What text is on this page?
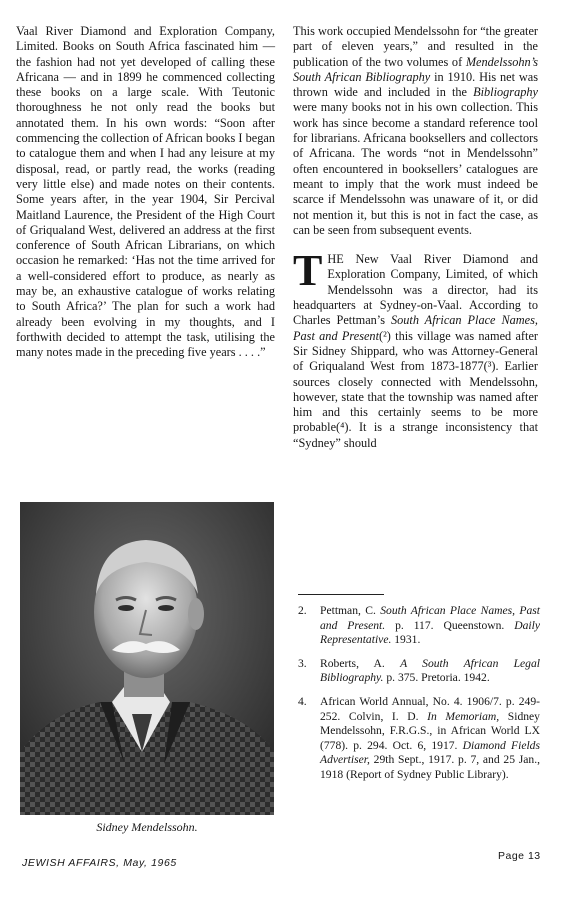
Vaal River Diamond and Exploration Company, Limited. Books on South Africa fascinated him — the fashion had not yet developed of calling these Africana — and in 1899 he commenced collecting these books on a large scale. With Teutonic thoroughness he not only read the books but annotated them. In his own words: “Soon after commencing the collection of African books I began to catalogue them and when I had any leisure at my disposal, read, or partly read, the works (reading very little else) and made notes on their contents. Some years after, in the year 1904, Sir Percival Maitland Laurence, the President of the High Court of Griqualand West, delivered an address at the first conference of South African Librarians, on which occasion he remarked: ‘Has not the time arrived for a well-considered effort to produce, as nearly as may be, an exhaustive catalogue of works relating to South Africa?’ The plan for such a work had already been evolving in my thoughts, and I forthwith decided to attempt the task, utilising the many notes made in the preceding five years . . . .”

Sidney Mendelssohn.

This work occupied Mendelssohn for “the greater part of eleven years,” and resulted in the publication of the two volumes of Mendelssohn’s South African Bibliography in 1910. His net was thrown wide and included in the Bibliography were many books not in his own collection. This work has since become a standard reference tool for librarians. Africana booksellers and collectors of Africana. The words “not in Mendelssohn” often encountered in booksellers’ catalogues are meant to imply that the work must indeed be scarce if Mendelssohn was unaware of it, or did not mention it, but this is not in fact the case, as can be seen from subsequent events.

THE New Vaal River Diamond and Exploration Company, Limited, of which Mendelssohn was a director, had its headquarters at Sydney-on-Vaal. According to Charles Pettman’s South African Place Names, Past and Present(²) this village was named after Sir Sidney Shippard, who was Attorney-General of Griqualand West from 1873-1877(³). Earlier sources closely connected with Mendelssohn, however, state that the township was named after him and this certainly seems to be more probable(⁴). It is a strange inconsistency that “Sydney” should

2.	Pettman, C. South African Place Names, Past and Present. p. 117. Queenstown. Daily Representative. 1931.
3.	Roberts, A. A South African Legal Bibliography. p. 375. Pretoria. 1942.
4.	African World Annual, No. 4. 1906/7. p. 249-252. Colvin, I. D. In Memoriam, Sidney Mendelssohn, F.R.G.S., in African World LX (778). p. 294. Oct. 6, 1917. Diamond Fields Advertiser, 29th Sept., 1917. p. 7, and 25 Jan., 1918 (Report of Sydney Public Library).
JEWISH AFFAIRS, May, 1965
Page 13
